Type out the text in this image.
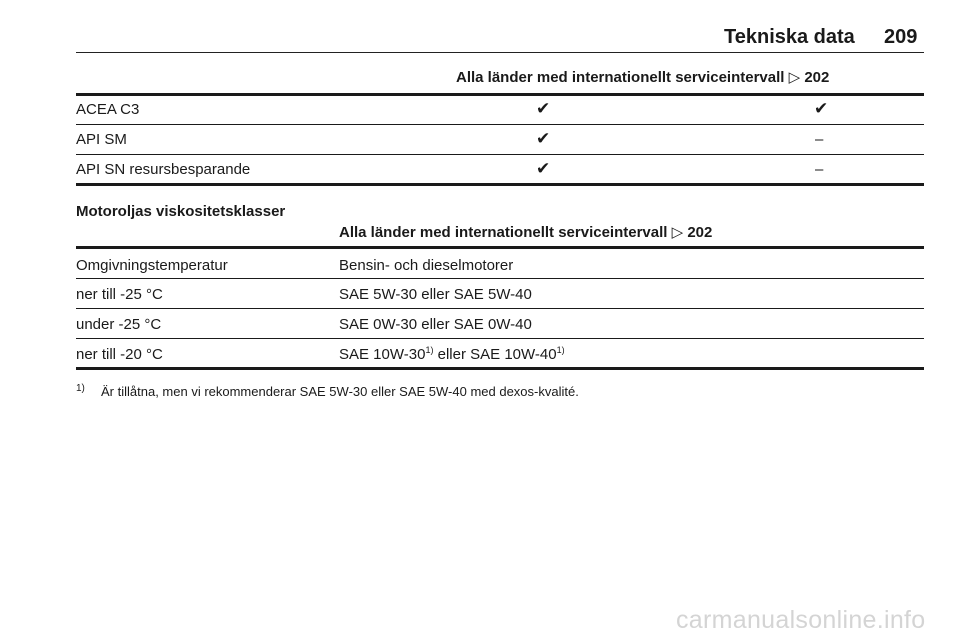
Tekniska data 209
Alla länder med internationellt serviceintervall ▷ 202
ACEA C3	✔	✔
API SM	✔	–
API SN resursbesparande	✔	–
Motoroljas viskositetsklasser
Alla länder med internationellt serviceintervall ▷ 202
Omgivningstemperatur	Bensin- och dieselmotorer
ner till -25 °C	SAE 5W-30 eller SAE 5W-40
under -25 °C	SAE 0W-30 eller SAE 0W-40
ner till -20 °C	SAE 10W-30$^{1)}$ eller SAE 10W-40$^{1)}$
1) Är tillåtna, men vi rekommenderar SAE 5W-30 eller SAE 5W-40 med dexos-kvalité.
carmanualsonline.info
